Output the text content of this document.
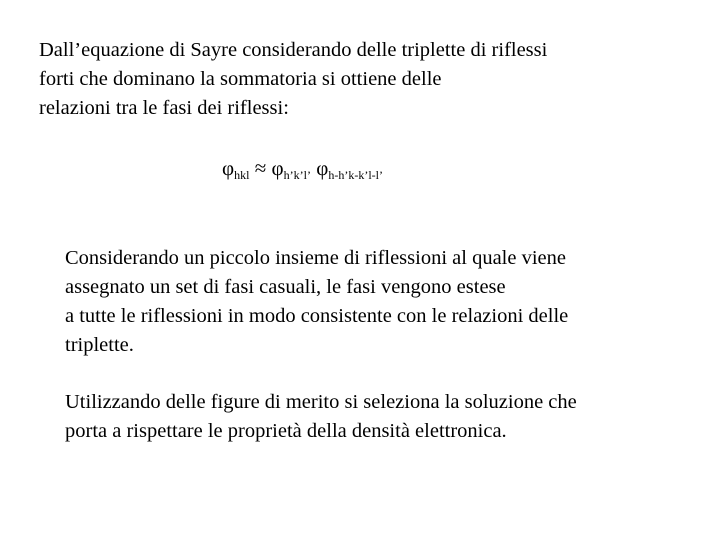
Dall’equazione di Sayre considerando delle triplette di riflessi
forti che dominano la sommatoria si ottiene delle
relazioni tra le fasi dei riflessi:
$\varphi_{hkl} \approx \varphi_{h’k’l’}$ $\varphi_{h-h’k-k’l-l’}$
Considerando un piccolo insieme di riflessioni al quale viene
assegnato un set di fasi casuali, le fasi vengono estese
a tutte le riflessioni in modo consistente con le relazioni delle
triplette.
Utilizzando delle figure di merito si seleziona la soluzione che
porta a rispettare le proprietà della densità elettronica.
